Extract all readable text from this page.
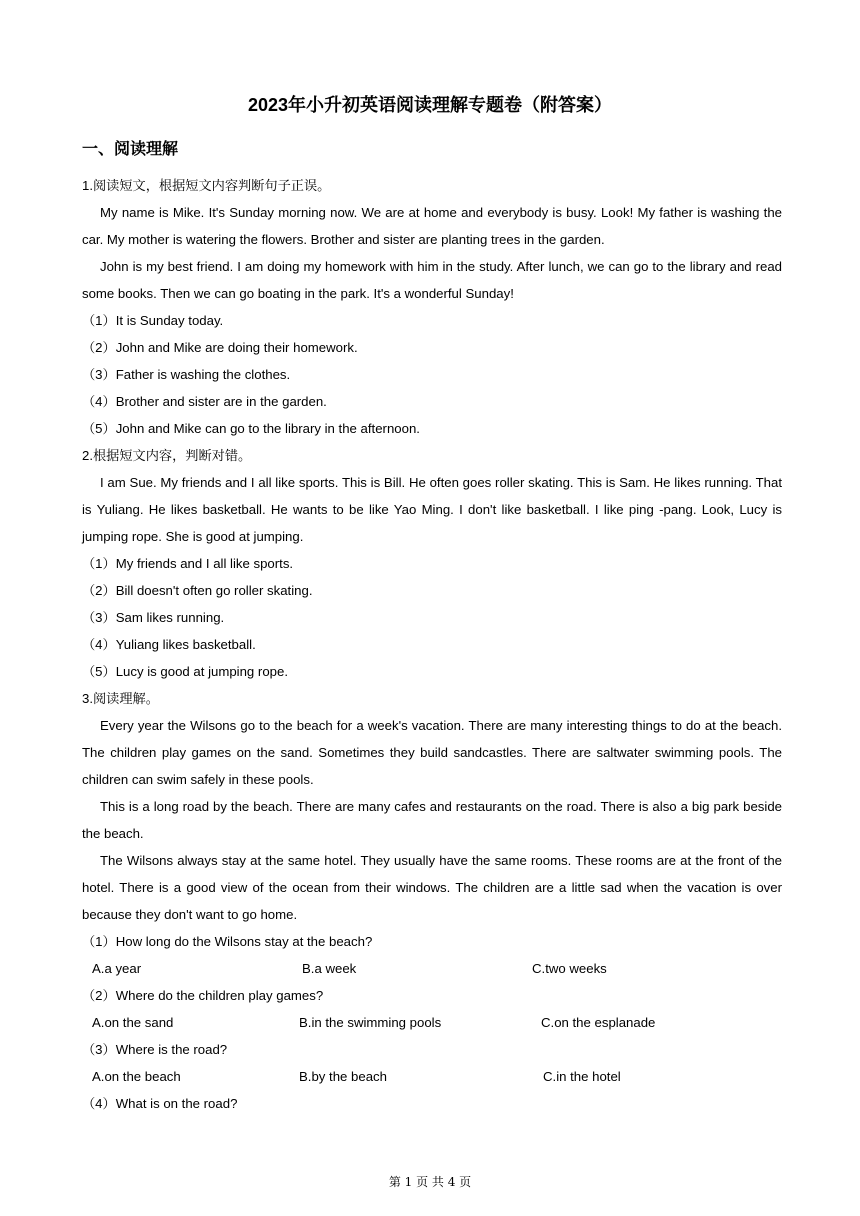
2023年小升初英语阅读理解专题卷（附答案）
一、阅读理解

1.阅读短文，根据短文内容判断句子正误。

My name is Mike. It's Sunday morning now. We are at home and everybody is busy. Look! My father is washing the car. My mother is watering the flowers. Brother and sister are planting trees in the garden.

John is my best friend. I am doing my homework with him in the study. After lunch, we can go to the library and read some books. Then we can go boating in the park. It's a wonderful Sunday!

（1）It is Sunday today.

（2）John and Mike are doing their homework.

（3）Father is washing the clothes.

（4）Brother and sister are in the garden.

（5）John and Mike can go to the library in the afternoon.

2.根据短文内容，判断对错。

I am Sue. My friends and I all like sports. This is Bill. He often goes roller skating. This is Sam. He likes running. That is Yuliang. He likes basketball. He wants to be like Yao Ming. I don't like basketball. I like ping -pang. Look, Lucy is jumping rope. She is good at jumping.

（1）My friends and I all like sports.

（2）Bill doesn't often go roller skating.

（3）Sam likes running.

（4）Yuliang likes basketball.

（5）Lucy is good at jumping rope.

3.阅读理解。

Every year the Wilsons go to the beach for a week's vacation. There are many interesting things to do at the beach. The children play games on the sand. Sometimes they build sandcastles. There are saltwater swimming pools. The children can swim safely in these pools.

This is a long road by the beach. There are many cafes and restaurants on the road. There is also a big park beside the beach.

The Wilsons always stay at the same hotel. They usually have the same rooms. These rooms are at the front of the hotel. There is a good view of the ocean from their windows. The children are a little sad when the vacation is over because they don't want to go home.

（1）How long do the Wilsons stay at the beach?

A.a year	B.a week	C.two weeks

（2）Where do the children play games?

A.on the sand	B.in the swimming pools	C.on the esplanade

（3）Where is the road?

A.on the beach	B.by the beach	C.in the hotel

（4）What is on the road?

第 1 页 共 4 页
